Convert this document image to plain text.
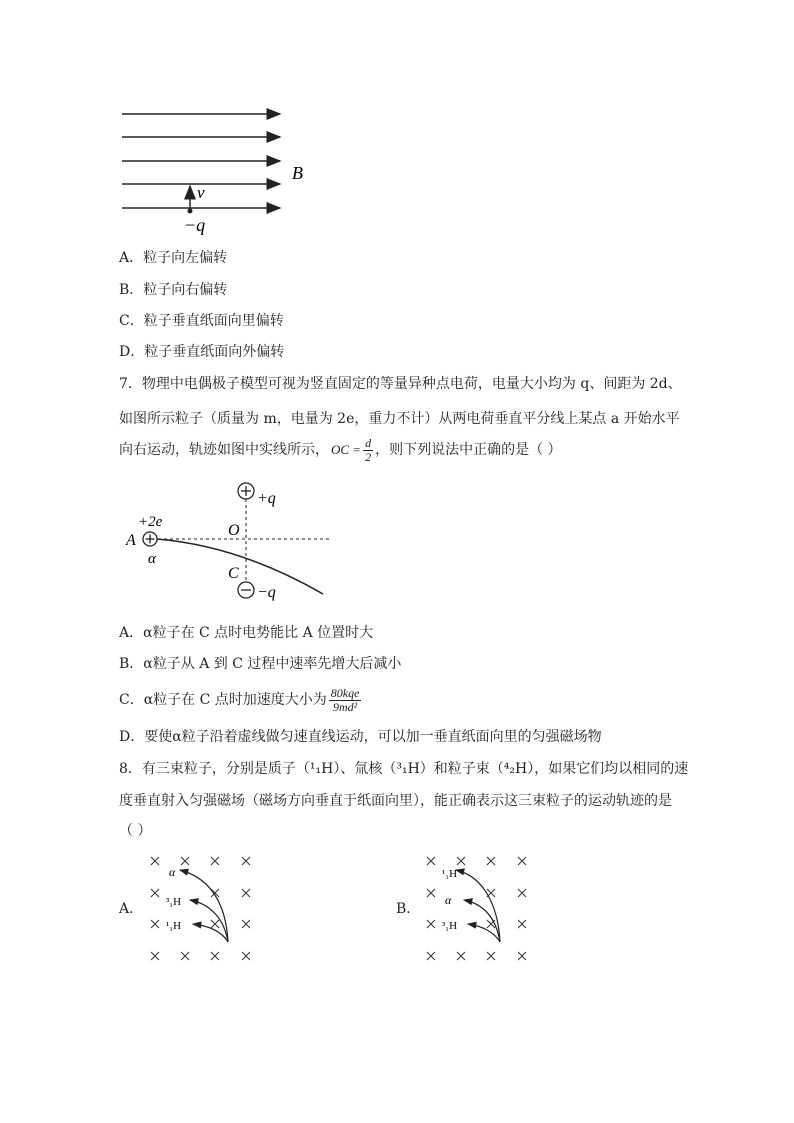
B
v
−q
A．粒子向左偏转
B．粒子向右偏转
C．粒子垂直纸面向里偏转
D．粒子垂直纸面向外偏转
7．物理中电偶极子模型可视为竖直固定的等量异种点电荷，电量大小均为 q、间距为 2d、
如图所示粒子（质量为 m，电量为 2e，重力不计）从两电荷垂直平分线上某点 a 开始水平
向右运动，轨迹如图中实线所示， OC = $\frac{d}{2}$ ，则下列说法中正确的是（ ）
+q
O
C
−q
+2e
A
α
A．α粒子在 C 点时电势能比 A 位置时大
B．α粒子从 A 到 C 过程中速率先增大后减小
C．α粒子在 C 点时加速度大小为 $\frac{\text{80kqe}}{\text{9md²}}$
D．要使α粒子沿着虚线做匀速直线运动，可以加一垂直纸面向里的匀强磁场物
8．有三束粒子，分别是质子（¹₁H）、氚核（³₁H）和粒子束（⁴₂H），如果它们均以相同的速
度垂直射入匀强磁场（磁场方向垂直于纸面向里），能正确表示这三束粒子的运动轨迹的是
（ ）
A．
α
³₁H
¹₁H
B．
¹₁H
α
³₁H
